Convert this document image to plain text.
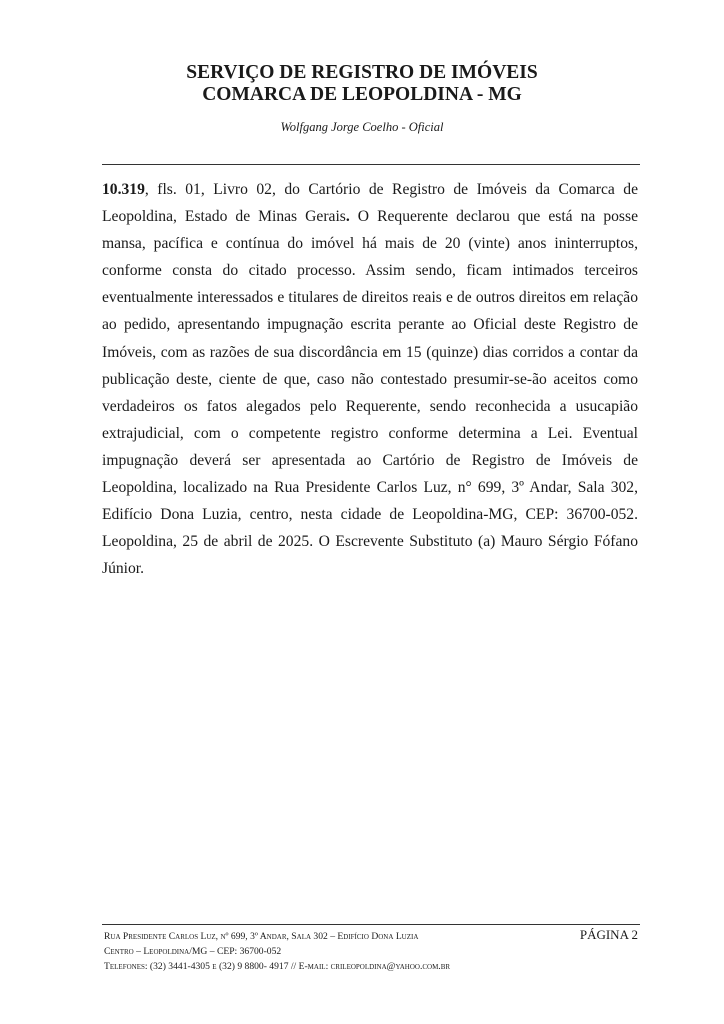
SERVIÇO DE REGISTRO DE IMÓVEIS
COMARCA DE LEOPOLDINA - MG
Wolfgang Jorge Coelho - Oficial

10.319, fls. 01, Livro 02, do Cartório de Registro de Imóveis da Comarca de Leopoldina, Estado de Minas Gerais. O Requerente declarou que está na posse mansa, pacífica e contínua do imóvel há mais de 20 (vinte) anos ininterruptos, conforme consta do citado processo. Assim sendo, ficam intimados terceiros eventualmente interessados e titulares de direitos reais e de outros direitos em relação ao pedido, apresentando impugnação escrita perante ao Oficial deste Registro de Imóveis, com as razões de sua discordância em 15 (quinze) dias corridos a contar da publicação deste, ciente de que, caso não contestado presumir-se-ão aceitos como verdadeiros os fatos alegados pelo Requerente, sendo reconhecida a usucapião extrajudicial, com o competente registro conforme determina a Lei. Eventual impugnação deverá ser apresentada ao Cartório de Registro de Imóveis de Leopoldina, localizado na Rua Presidente Carlos Luz, n° 699, 3º Andar, Sala 302, Edifício Dona Luzia, centro, nesta cidade de Leopoldina-MG, CEP: 36700-052. Leopoldina, 25 de abril de 2025. O Escrevente Substituto (a) Mauro Sérgio Fófano Júnior.

Rua Presidente Carlos Luz, nº 699, 3º Andar, Sala 302 – Edifício Dona Luzia
Centro – Leopoldina/MG – CEP: 36700-052
Telefones: (32) 3441-4305 e (32) 9 8800- 4917 // E-mail: crileopoldina@yahoo.com.br
PÁGINA 2
